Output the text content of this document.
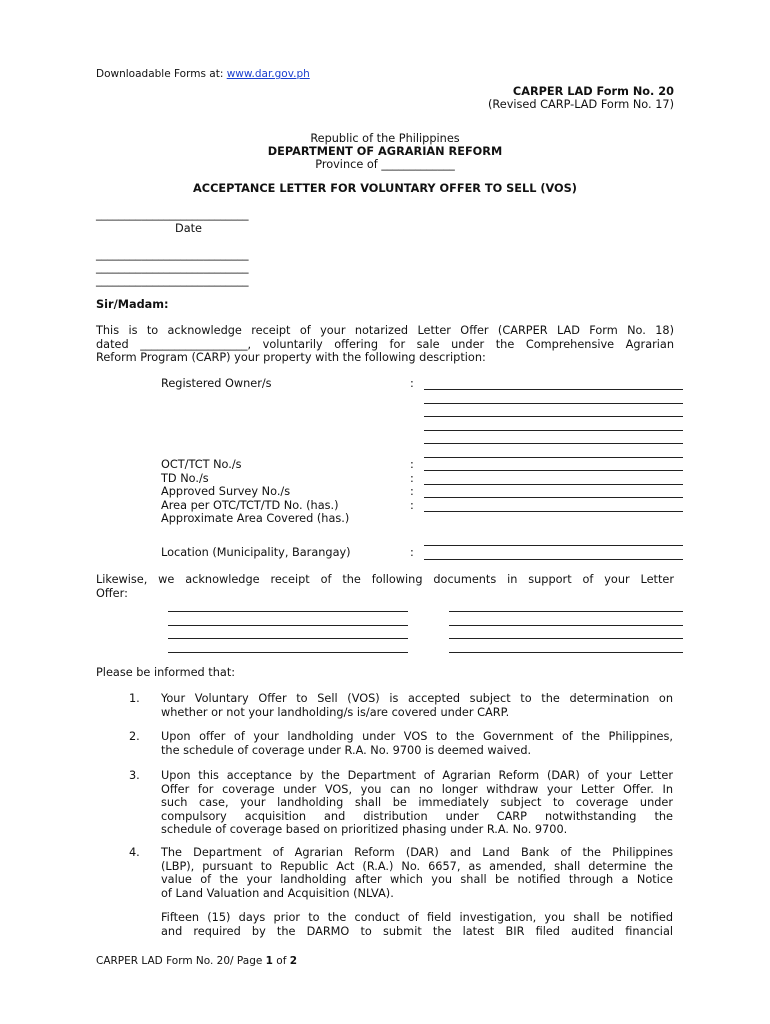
Downloadable Forms at: www.dar.gov.ph
CARPER LAD Form No. 20
(Revised CARP-LAD Form No. 17)
Republic of the Philippines
DEPARTMENT OF AGRARIAN REFORM
Province of _____________
ACCEPTANCE LETTER FOR VOLUNTARY OFFER TO SELL (VOS)
___________________________
Date
___________________________
___________________________
___________________________
Sir/Madam:
This is to acknowledge receipt of your notarized Letter Offer (CARPER LAD Form No. 18)
dated ___________________, voluntarily offering for sale under the Comprehensive Agrarian
Reform Program (CARP) your property with the following description:
Registered Owner/s	:
OCT/TCT No./s	:
TD No./s	:
Approved Survey No./s	:
Area per OTC/TCT/TD No. (has.)	:
Approximate Area Covered (has.)
Location (Municipality, Barangay)	:
Likewise, we acknowledge receipt of the following documents in support of your Letter
Offer:
Please be informed that:
1. Your Voluntary Offer to Sell (VOS) is accepted subject to the determination on
whether or not your landholding/s is/are covered under CARP.
2. Upon offer of your landholding under VOS to the Government of the Philippines,
the schedule of coverage under R.A. No. 9700 is deemed waived.
3. Upon this acceptance by the Department of Agrarian Reform (DAR) of your Letter
Offer for coverage under VOS, you can no longer withdraw your Letter Offer. In
such case, your landholding shall be immediately subject to coverage under
compulsory acquisition and distribution under CARP notwithstanding the
schedule of coverage based on prioritized phasing under R.A. No. 9700.
4. The Department of Agrarian Reform (DAR) and Land Bank of the Philippines
(LBP), pursuant to Republic Act (R.A.) No. 6657, as amended, shall determine the
value of the your landholding after which you shall be notified through a Notice
of Land Valuation and Acquisition (NLVA).
Fifteen (15) days prior to the conduct of field investigation, you shall be notified
and required by the DARMO to submit the latest BIR filed audited financial
CARPER LAD Form No. 20/ Page 1 of 2
